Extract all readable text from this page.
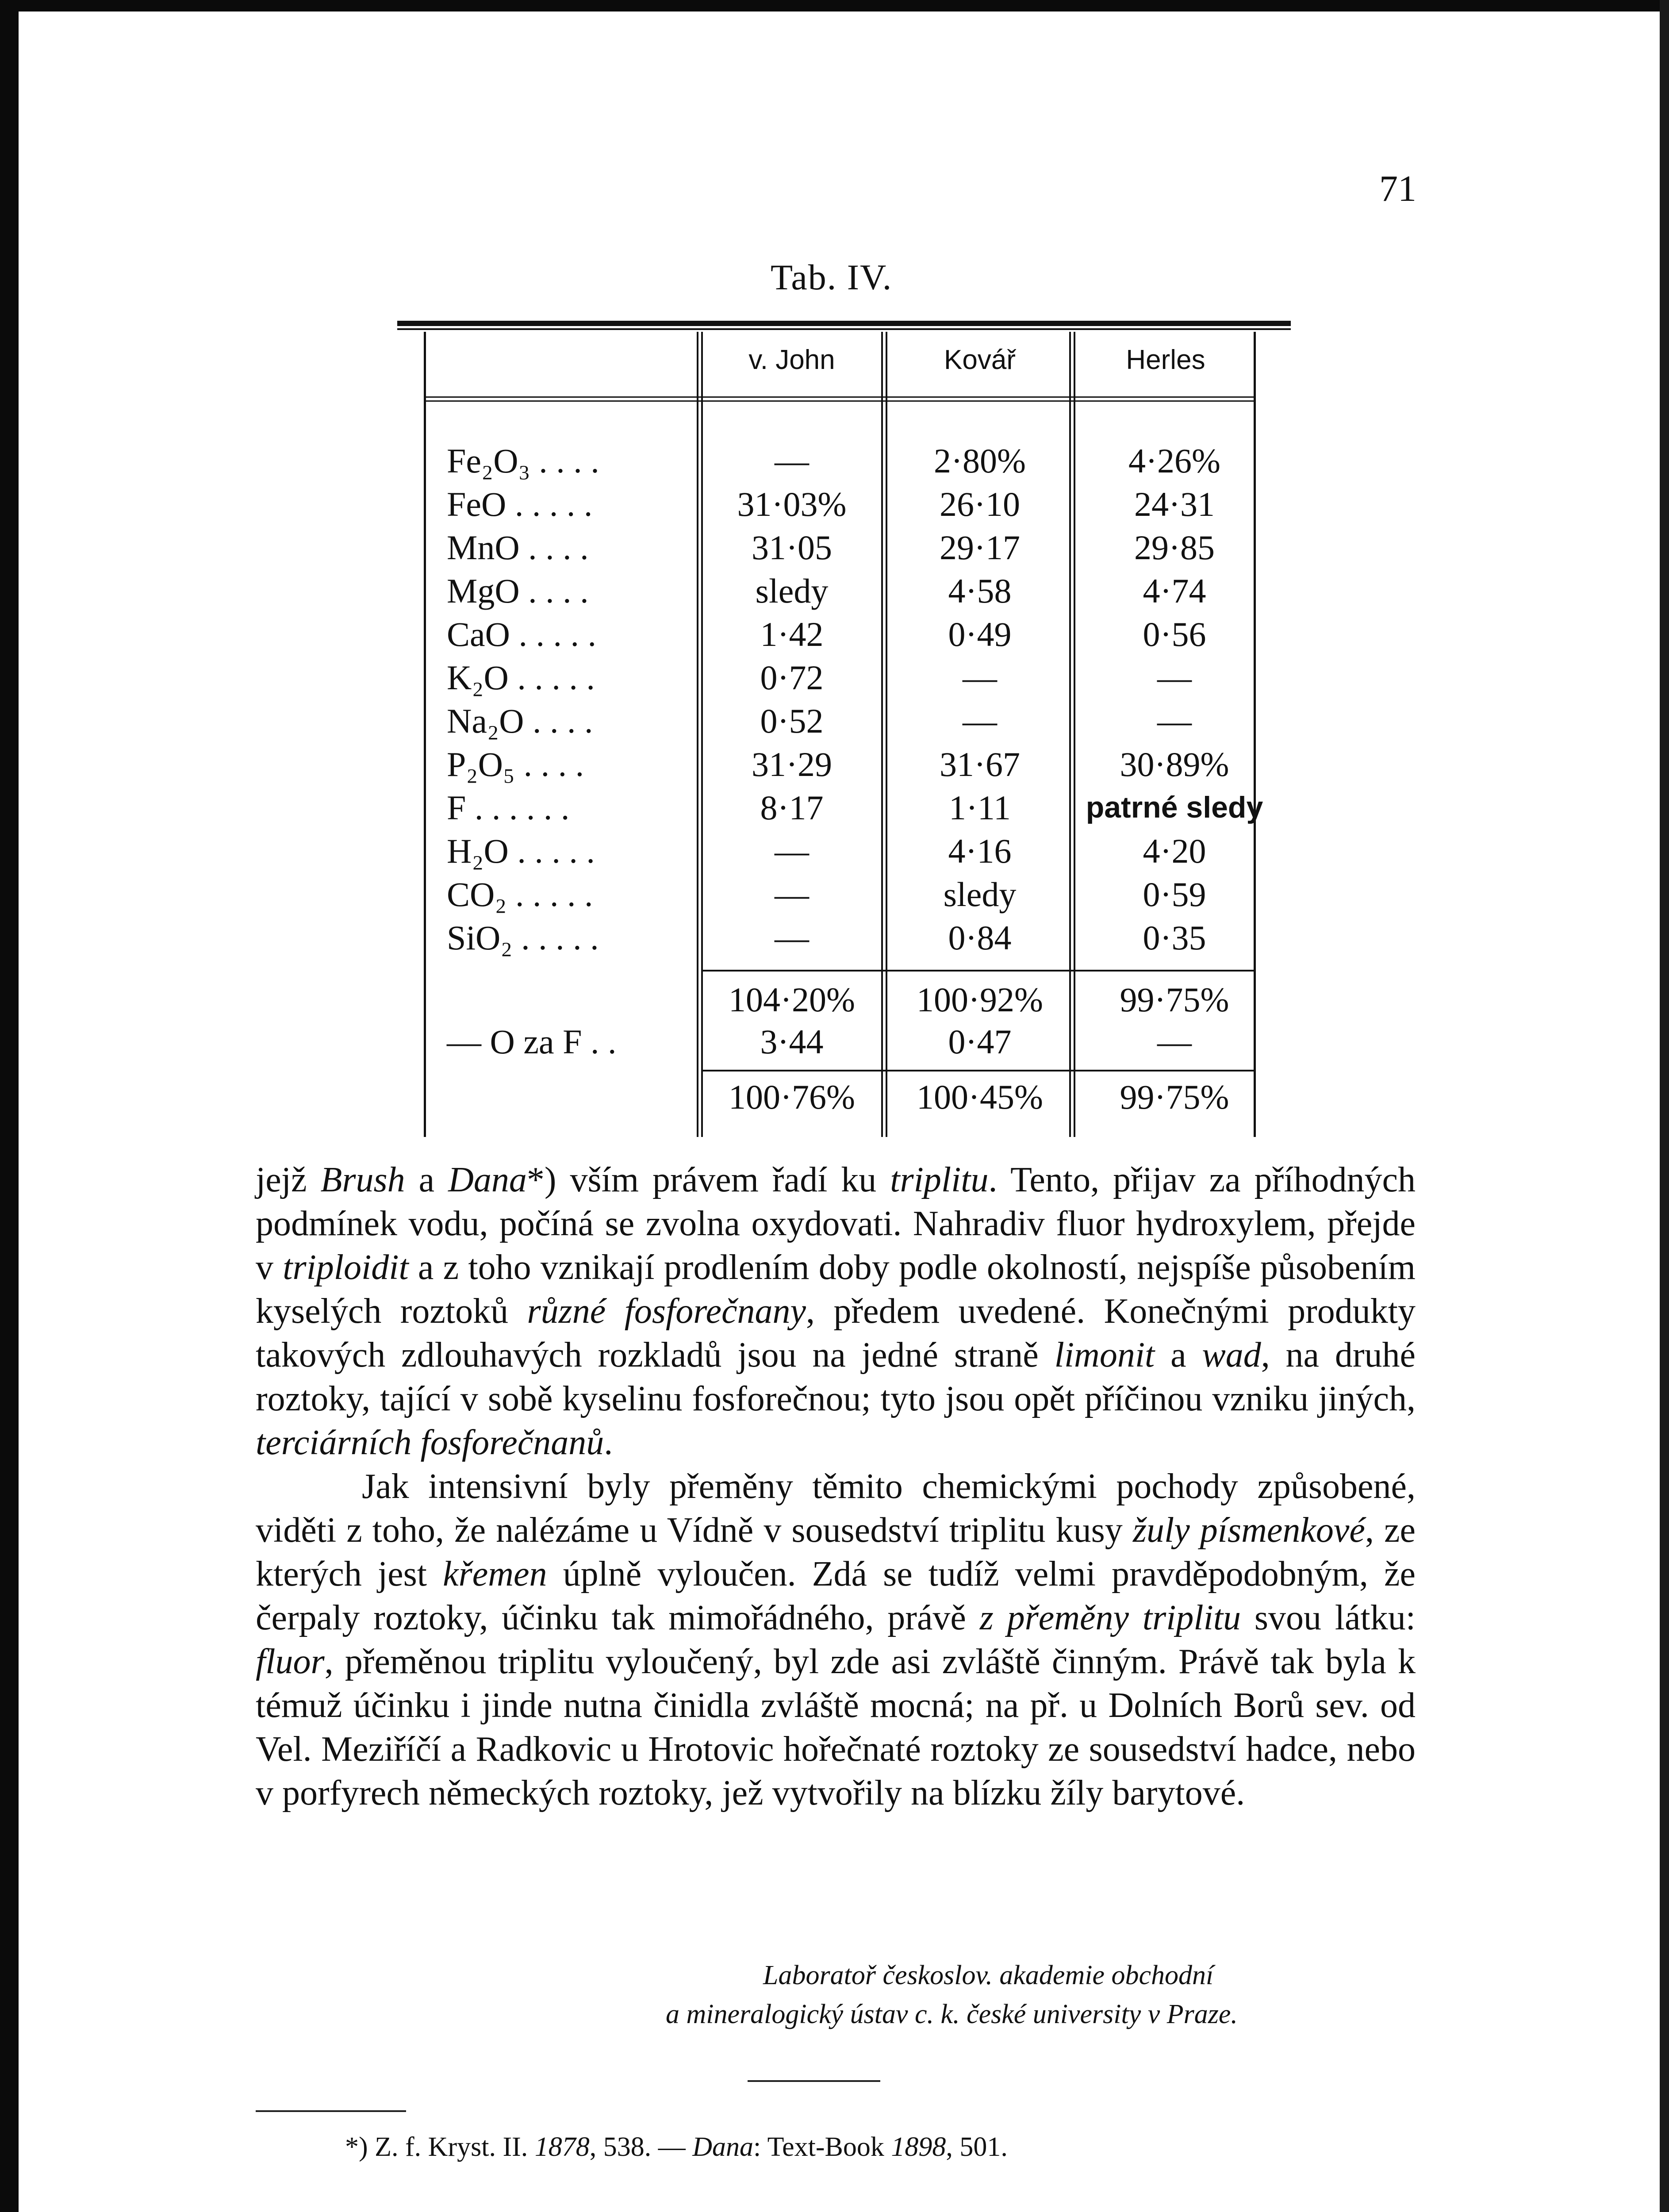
71
Tab. IV.
v. John	Kovář	Herles
Fe₂O₃ . . . .
FeO . . . . .
MnO . . . .
MgO . . . .
CaO . . . . .
K₂O . . . . .
Na₂O . . . .
P₂O₅ . . . .
F . . . . . .
H₂O . . . . .
CO₂ . . . . .
SiO₂ . . . . .
— O za F . .
—
31·03%
31·05
sledy
1·42
0·72
0·52
31·29
8·17
—
—
—
104·20%
3·44
100·76%
2·80%
26·10
29·17
4·58
0·49
—
—
31·67
1·11
4·16
sledy
0·84
100·92%
0·47
100·45%
4·26%
24·31
29·85
4·74
0·56
—
—
30·89%
patrné sledy
4·20
0·59
0·35
99·75%
—
99·75%

jejž Brush a Dana*) vším právem řadí ku triplitu. Tento, přijav za příhodných podmínek vodu, počíná se zvolna oxydovati. Nahradiv fluor hydroxylem, přejde v triploidit a z toho vznikají prodlením doby podle okolností, nejspíše působením kyselých roztoků různé fosforečnany, předem uvedené. Konečnými produkty takových zdlouhavých rozkladů jsou na jedné straně limonit a wad, na druhé roztoky, tající v sobě kyselinu fosforečnou; tyto jsou opět příčinou vzniku jiných, terciárních fosforečnanů.

Jak intensivní byly přeměny těmito chemickými pochody způsobené, viděti z toho, že nalézáme u Vídně v sousedství triplitu kusy žuly písmenkové, ze kterých jest křemen úplně vyloučen. Zdá se tudíž velmi pravděpodobným, že čerpaly roztoky, účinku tak mimořádného, právě z přeměny triplitu svou látku: fluor, přeměnou triplitu vyloučený, byl zde asi zvláště činným. Právě tak byla k témuž účinku i jinde nutna činidla zvláště mocná; na př. u Dolních Borů sev. od Vel. Meziříčí a Radkovic u Hrotovic hořečnaté roztoky ze sousedství hadce, nebo v porfyrech německých roztoky, jež vytvořily na blízku žíly barytové.

Laboratoř českoslov. akademie obchodní
a mineralogický ústav c. k. české university v Praze.
*) Z. f. Kryst. II. 1878, 538. — Dana: Text-Book 1898, 501.
